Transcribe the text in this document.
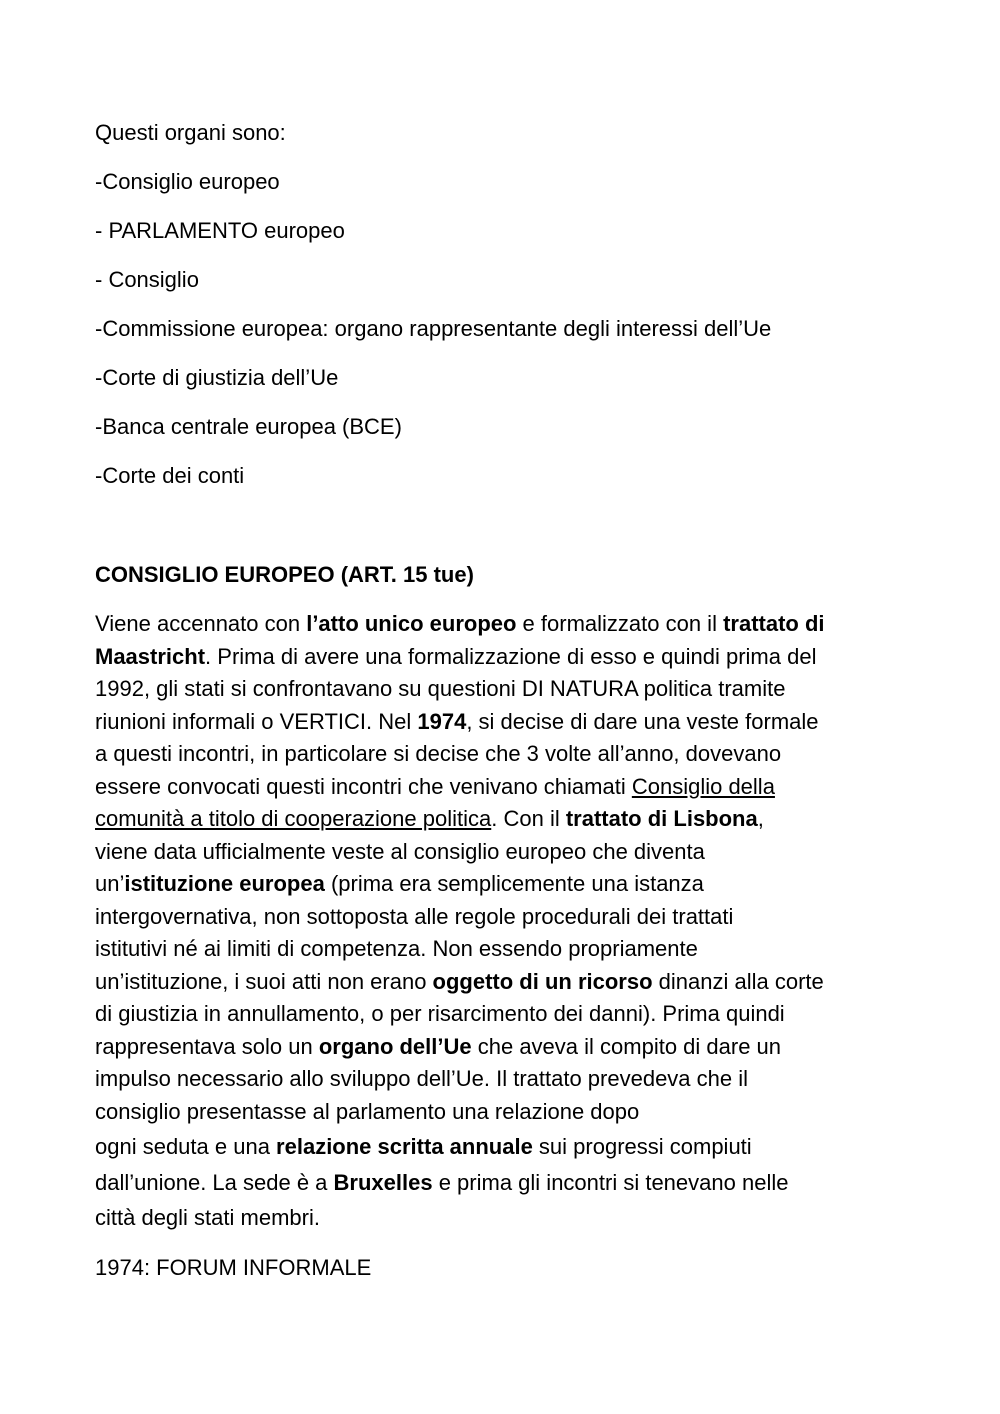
Questi organi sono:
-Consiglio europeo
- PARLAMENTO europeo
- Consiglio
-Commissione europea: organo rappresentante degli interessi dell’Ue
-Corte di giustizia dell’Ue
-Banca centrale europea (BCE)
-Corte dei conti
CONSIGLIO EUROPEO (ART. 15 tue)
Viene accennato con l’atto unico europeo e formalizzato con il trattato di
Maastricht. Prima di avere una formalizzazione di esso e quindi prima del
1992, gli stati si confrontavano su questioni DI NATURA politica tramite
riunioni informali o VERTICI. Nel 1974, si decise di dare una veste formale
a questi incontri, in particolare si decise che 3 volte all’anno, dovevano
essere convocati questi incontri che venivano chiamati Consiglio della
comunità a titolo di cooperazione politica. Con il trattato di Lisbona,
viene data ufficialmente veste al consiglio europeo che diventa
un’istituzione europea (prima era semplicemente una istanza
intergovernativa, non sottoposta alle regole procedurali dei trattati
istitutivi né ai limiti di competenza. Non essendo propriamente
un’istituzione, i suoi atti non erano oggetto di un ricorso dinanzi alla corte
di giustizia in annullamento, o per risarcimento dei danni). Prima quindi
rappresentava solo un organo dell’Ue che aveva il compito di dare un
impulso necessario allo sviluppo dell’Ue. Il trattato prevedeva che il
consiglio presentasse al parlamento una relazione dopo
ogni seduta e una relazione scritta annuale sui progressi compiuti
dall’unione. La sede è a Bruxelles e prima gli incontri si tenevano nelle
città degli stati membri.
1974: FORUM INFORMALE
